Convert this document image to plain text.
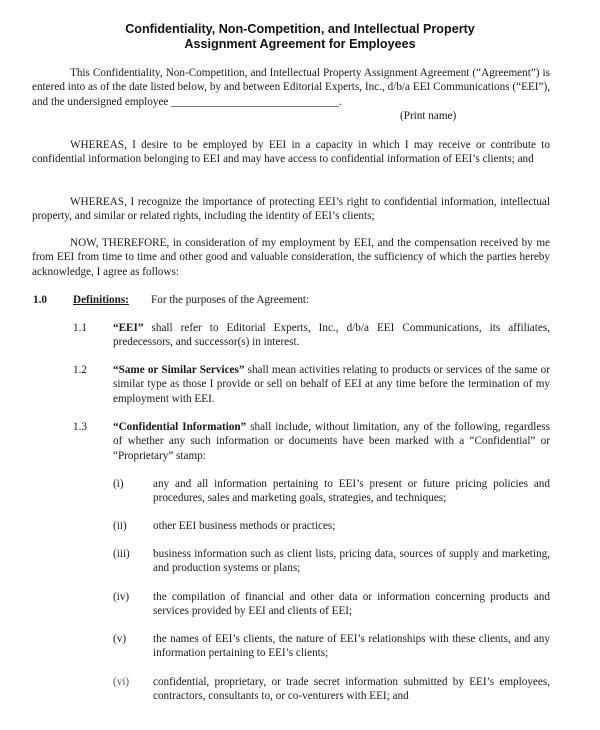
Confidentiality, Non-Competition, and Intellectual Property
Assignment Agreement for Employees
This Confidentiality, Non-Competition, and Intellectual Property Assignment Agreement (“Agreement”) is entered into as of the date listed below, by and between Editorial Experts, Inc., d/b/a EEI Communications (“EEI”), and the undersigned employee ______________________________.
(Print name)
WHEREAS, I desire to be employed by EEI in a capacity in which I may receive or contribute to confidential information belonging to EEI and may have access to confidential information of EEI’s clients; and
WHEREAS, I recognize the importance of protecting EEI’s right to confidential information, intellectual property, and similar or related rights, including the identity of EEI’s clients;
NOW, THEREFORE, in consideration of my employment by EEI, and the compensation received by me from EEI from time to time and other good and valuable consideration, the sufficiency of which the parties hereby acknowledge, I agree as follows:
1.0 Definitions: For the purposes of the Agreement:
1.1 “EEI” shall refer to Editorial Experts, Inc., d/b/a EEI Communications, its affiliates, predecessors, and successor(s) in interest.
1.2 “Same or Similar Services” shall mean activities relating to products or services of the same or similar type as those I provide or sell on behalf of EEI at any time before the termination of my employment with EEI.
1.3 “Confidential Information” shall include, without limitation, any of the following, regardless of whether any such information or documents have been marked with a “Confidential” or “Proprietary” stamp:
(i)	any and all information pertaining to EEI’s present or future pricing policies and procedures, sales and marketing goals, strategies, and techniques;
(ii) other EEI business methods or practices;
(iii) business information such as client lists, pricing data, sources of supply and marketing, and production systems or plans;
(iv) the compilation of financial and other data or information concerning products and services provided by EEI and clients of EEI;
(v) the names of EEI’s clients, the nature of EEI’s relationships with these clients, and any information pertaining to EEI’s clients;
(vi) confidential, proprietary, or trade secret information submitted by EEI’s employees, contractors, consultants to, or co-venturers with EEI; and
